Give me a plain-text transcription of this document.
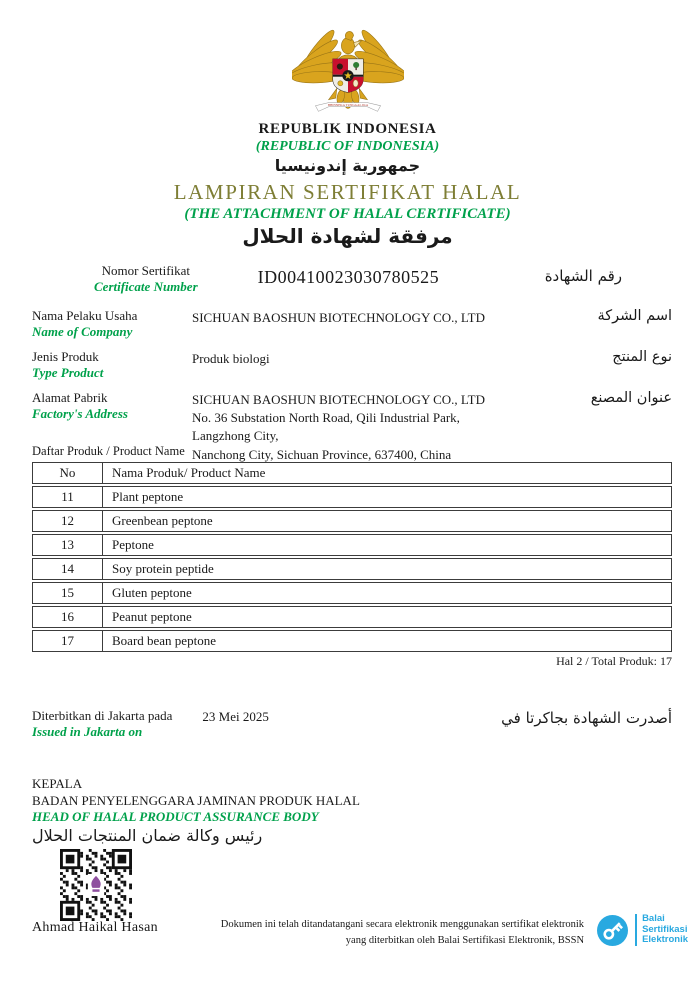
BHINNEKA TUNGGAL IKA
REPUBLIK INDONESIA
(REPUBLIC OF INDONESIA)
جمهورية إندونيسيا
LAMPIRAN SERTIFIKAT HALAL
(THE ATTACHMENT OF HALAL CERTIFICATE)
مرفقة لشهادة الحلال
Nomor Sertifikat
Certificate Number	ID00410023030780525	رقم الشهادة
Nama Pelaku Usaha
Name of Company
SICHUAN BAOSHUN BIOTECHNOLOGY CO., LTD	اسم الشركة
Jenis Produk
Type Product
Produk biologi	نوع المنتج
Alamat Pabrik
Factory's Address
SICHUAN BAOSHUN BIOTECHNOLOGY CO., LTD
No. 36 Substation North Road, Qili Industrial Park, Langzhong City,
Nanchong City, Sichuan Province, 637400, China
عنوان المصنع
Daftar Produk / Product Name
No	Nama Produk/ Product Name
11	Plant peptone
12	Greenbean peptone
13	Peptone
14	Soy protein peptide
15	Gluten peptone
16	Peanut peptone
17	Board bean peptone
Hal 2 / Total Produk: 17
Diterbitkan di Jakarta pada
Issued in Jakarta on
23 Mei 2025	أصدرت الشهادة بجاكرتا في
KEPALA
BADAN PENYELENGGARA JAMINAN PRODUK HALAL
HEAD OF HALAL PRODUCT ASSURANCE BODY
رئيس وكالة ضمان المنتجات الحلال
Ahmad Haikal Hasan	Dokumen ini telah ditandatangani secara elektronik menggunakan sertifikat elektronik
yang diterbitkan oleh Balai Sertifikasi Elektronik, BSSN
Balai
Sertifikasi
Elektronik
